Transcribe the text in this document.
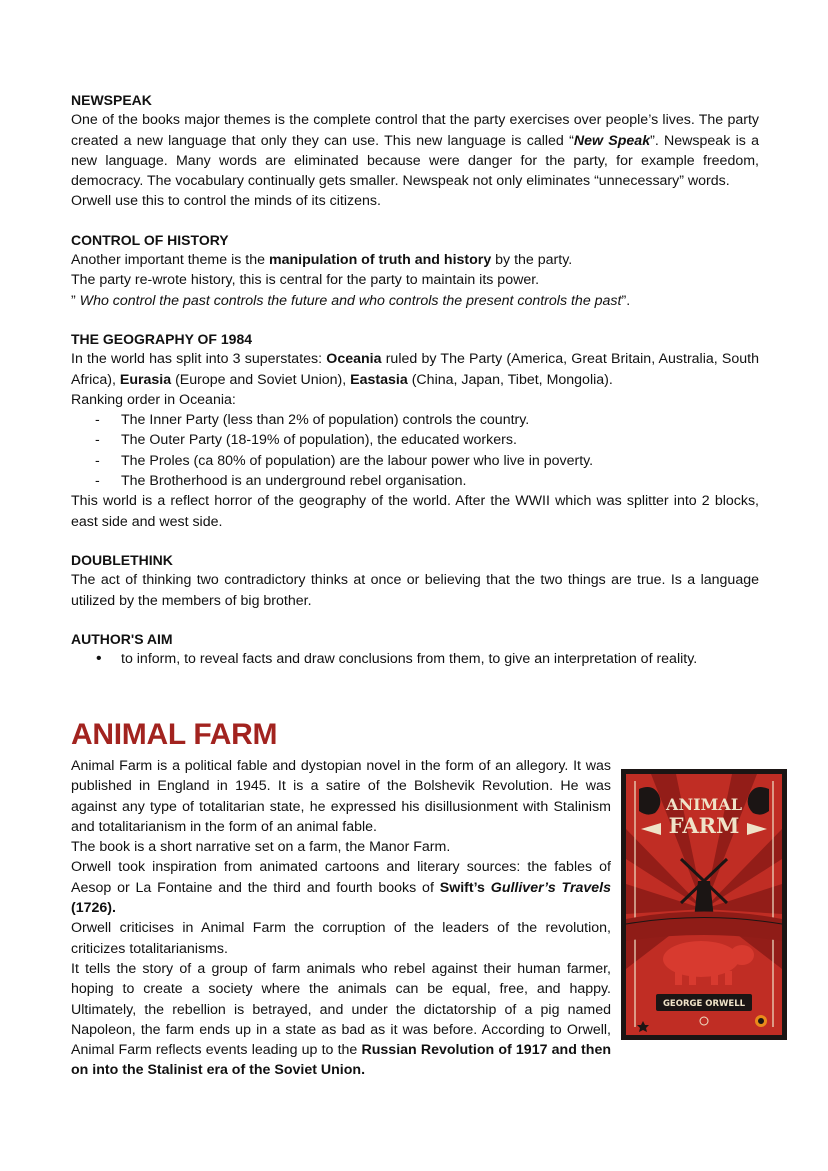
NEWSPEAK

One of the books major themes is the complete control that the party exercises over people’s lives. The party created a new language that only they can use. This new language is called “New Speak”. Newspeak is a new language. Many words are eliminated because were danger for the party, for example freedom, democracy. The vocabulary continually gets smaller. Newspeak not only eliminates “unnecessary” words.

Orwell use this to control the minds of its citizens.

CONTROL OF HISTORY

Another important theme is the manipulation of truth and history by the party.

The party re-wrote history, this is central for the party to maintain its power.

” Who control the past controls the future and who controls the present controls the past”.

THE GEOGRAPHY OF 1984

In the world has split into 3 superstates: Oceania ruled by The Party (America, Great Britain, Australia, South Africa), Eurasia (Europe and Soviet Union), Eastasia (China, Japan, Tibet, Mongolia).

Ranking order in Oceania:

- The Inner Party (less than 2% of population) controls the country.
- The Outer Party (18-19% of population), the educated workers.
- The Proles (ca 80% of population) are the labour power who live in poverty.
- The Brotherhood is an underground rebel organisation.

This world is a reflect horror of the geography of the world. After the WWII which was splitter into 2 blocks, east side and west side.

DOUBLETHINK

The act of thinking two contradictory thinks at once or believing that the two things are true. Is a language utilized by the members of big brother.

AUTHOR'S AIM

• to inform, to reveal facts and draw conclusions from them, to give an interpretation of reality.
ANIMAL FARM

Animal Farm is a political fable and dystopian novel in the form of an allegory. It was published in England in 1945. It is a satire of the Bolshevik Revolution. He was against any type of totalitarian state, he expressed his disillusionment with Stalinism and totalitarianism in the form of an animal fable.

The book is a short narrative set on a farm, the Manor Farm.

Orwell took inspiration from animated cartoons and literary sources: the fables of Aesop or La Fontaine and the third and fourth books of Swift’s Gulliver’s Travels (1726).

Orwell criticises in Animal Farm the corruption of the leaders of the revolution, criticizes totalitarianisms.

It tells the story of a group of farm animals who rebel against their human farmer, hoping to create a society where the animals can be equal, free, and happy. Ultimately, the rebellion is betrayed, and under the dictatorship of a pig named Napoleon, the farm ends up in a state as bad as it was before. According to Orwell, Animal Farm reflects events leading up to the Russian Revolution of 1917 and then on into the Stalinist era of the Soviet Union.

ANIMAL
FARM
GEORGE ORWELL
